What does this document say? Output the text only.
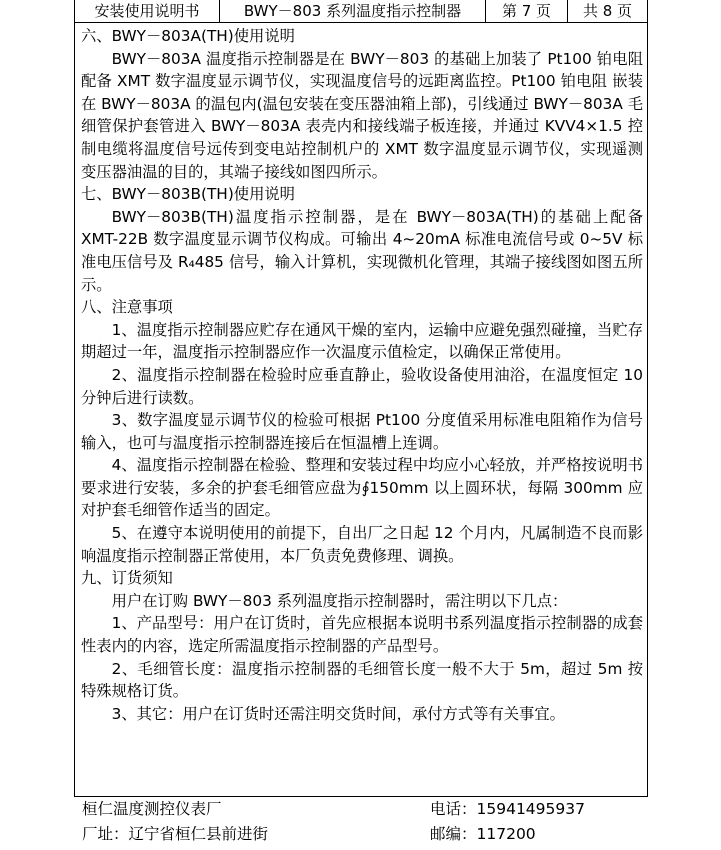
安装使用说明书	BWY－803 系列温度指示控制器	第 7 页	共 8 页

六、BWY－803A(TH)使用说明

BWY－803A 温度指示控制器是在 BWY－803 的基础上加装了 Pt100 铂电阻配备 XMT 数字温度显示调节仪，实现温度信号的远距离监控。Pt100 铂电阻 嵌装在 BWY－803A 的温包内(温包安装在变压器油箱上部)，引线通过 BWY－803A 毛细管保护套管进入 BWY－803A 表壳内和接线端子板连接，并通过 KVV4×1.5 控制电缆将温度信号远传到变电站控制机户的 XMT 数字温度显示调节仪，实现遥测变压器油温的目的，其端子接线如图四所示。

七、BWY－803B(TH)使用说明

BWY－803B(TH)温度指示控制器，是在 BWY－803A(TH)的基础上配备 XMT-22B 数字温度显示调节仪构成。可输出 4~20mA 标准电流信号或 0~5V 标准电压信号及 R₄485 信号，输入计算机，实现微机化管理，其端子接线图如图五所示。

八、注意事项

1、温度指示控制器应贮存在通风干燥的室内，运输中应避免强烈碰撞，当贮存期超过一年，温度指示控制器应作一次温度示值检定，以确保正常使用。

2、温度指示控制器在检验时应垂直静止，验收设备使用油浴，在温度恒定 10 分钟后进行读数。

3、数字温度显示调节仪的检验可根据 Pt100 分度值采用标准电阻箱作为信号输入，也可与温度指示控制器连接后在恒温槽上连调。

4、温度指示控制器在检验、整理和安装过程中均应小心轻放，并严格按说明书要求进行安装，多余的护套毛细管应盘为∮150mm 以上圆环状，每隔 300mm 应对护套毛细管作适当的固定。

5、在遵守本说明使用的前提下，自出厂之日起 12 个月内，凡属制造不良而影响温度指示控制器正常使用，本厂负责免费修理、调换。

九、订货须知

用户在订购 BWY－803 系列温度指示控制器时，需注明以下几点：

1、产品型号：用户在订货时，首先应根据本说明书系列温度指示控制器的成套性表内的内容，选定所需温度指示控制器的产品型号。

2、毛细管长度：温度指示控制器的毛细管长度一般不大于 5m，超过 5m 按特殊规格订货。

3、其它：用户在订货时还需注明交货时间，承付方式等有关事宜。

桓仁温度测控仪表厂	电话：15941495937
厂址：辽宁省桓仁县前进街	邮编：117200
